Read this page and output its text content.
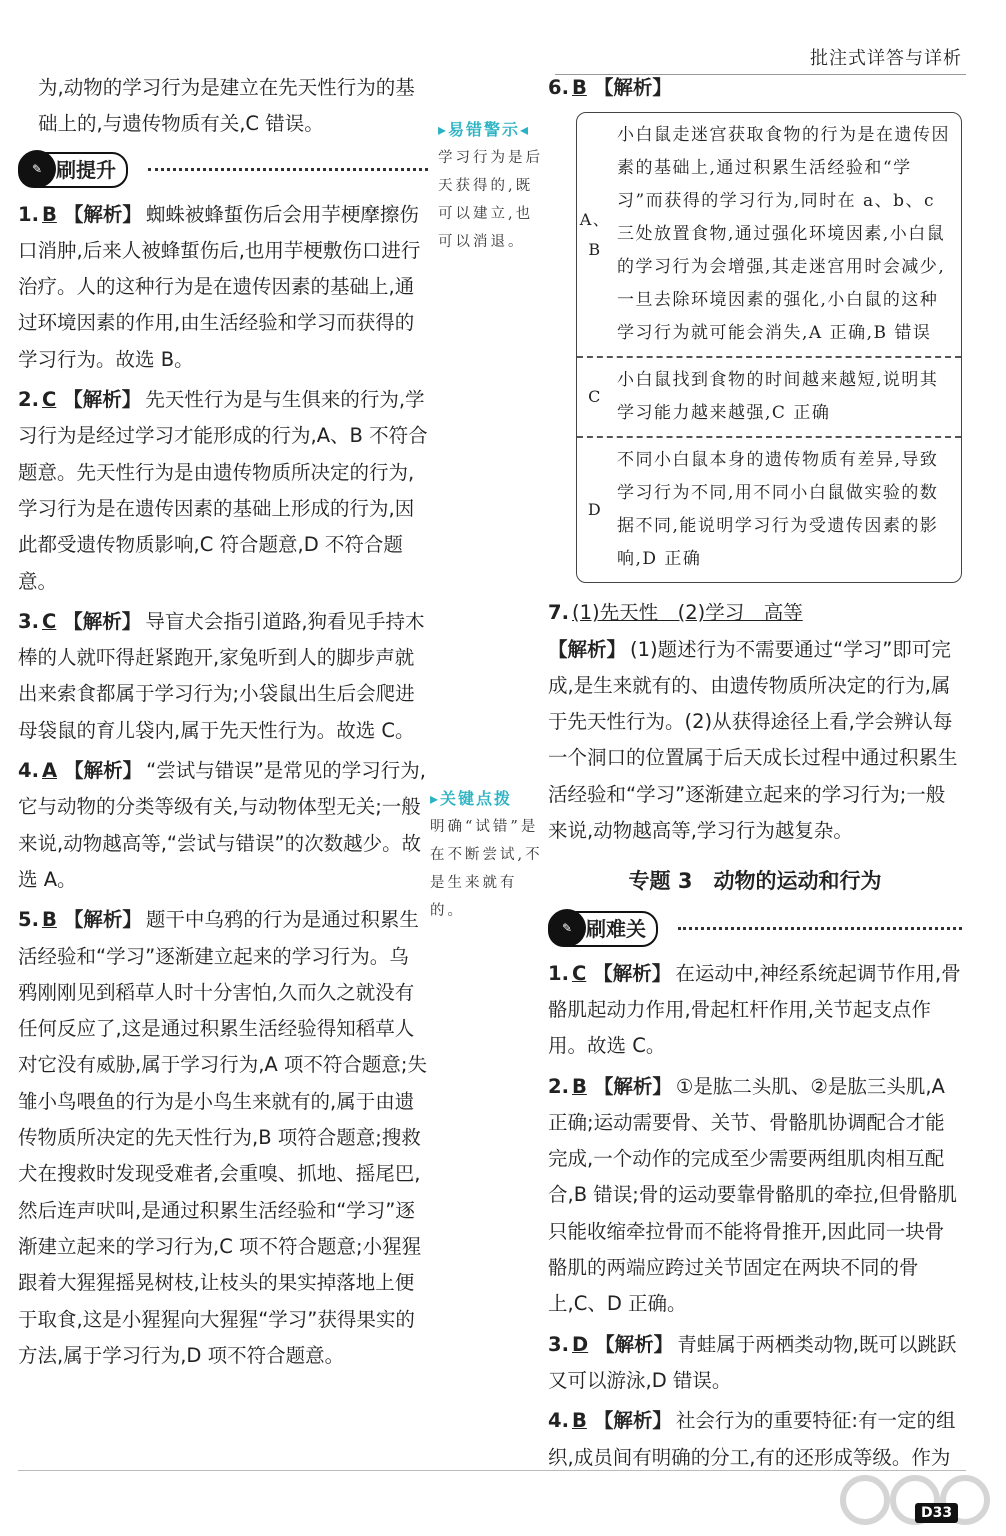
批注式详答与详析

为,动物的学习行为是建立在先天性行为的基础上的,与遗传物质有关,C 错误。

✎ 刷提升
1. B 【解析】 蜘蛛被蜂蜇伤后会用芋梗摩擦伤口消肿,后来人被蜂蜇伤后,也用芋梗敷伤口进行治疗。人的这种行为是在遗传因素的基础上,通过环境因素的作用,由生活经验和学习而获得的学习行为。故选 B。
2. C 【解析】 先天性行为是与生俱来的行为,学习行为是经过学习才能形成的行为,A、B 不符合题意。先天性行为是由遗传物质所决定的行为,学习行为是在遗传因素的基础上形成的行为,因此都受遗传物质影响,C 符合题意,D 不符合题意。
3. C 【解析】 导盲犬会指引道路,狗看见手持木棒的人就吓得赶紧跑开,家兔听到人的脚步声就出来索食都属于学习行为;小袋鼠出生后会爬进母袋鼠的育儿袋内,属于先天性行为。故选 C。
4. A 【解析】 “尝试与错误”是常见的学习行为,它与动物的分类等级有关,与动物体型无关;一般来说,动物越高等,“尝试与错误”的次数越少。故选 A。
5. B 【解析】 题干中乌鸦的行为是通过积累生活经验和“学习”逐渐建立起来的学习行为。乌鸦刚刚见到稻草人时十分害怕,久而久之就没有任何反应了,这是通过积累生活经验得知稻草人对它没有威胁,属于学习行为,A 项不符合题意;失雏小鸟喂鱼的行为是小鸟生来就有的,属于由遗传物质所决定的先天性行为,B 项符合题意;搜救犬在搜救时发现受难者,会重嗅、抓地、摇尾巴,然后连声吠叫,是通过积累生活经验和“学习”逐渐建立起来的学习行为,C 项不符合题意;小猩猩跟着大猩猩摇晃树枝,让枝头的果实掉落地上便于取食,这是小猩猩向大猩猩“学习”获得果实的方法,属于学习行为,D 项不符合题意。
▸易错警示◂
学习行为是后天获得的,既可以建立,也可以消退。
▸关键点拨
明确“试错”是在不断尝试,不是生来就有的。
6. B 【解析】
A、B
小白鼠走迷宫获取食物的行为是在遗传因素的基础上,通过积累生活经验和“学习”而获得的学习行为,同时在 a、b、c 三处放置食物,通过强化环境因素,小白鼠的学习行为会增强,其走迷宫用时会减少,一旦去除环境因素的强化,小白鼠的这种学习行为就可能会消失,A 正确,B 错误
C
小白鼠找到食物的时间越来越短,说明其学习能力越来越强,C 正确
D
不同小白鼠本身的遗传物质有差异,导致学习行为不同,用不同小白鼠做实验的数据不同,能说明学习行为受遗传因素的影响,D 正确
7. (1)先天性　(2)学习　高等
【解析】 (1)题述行为不需要通过“学习”即可完成,是生来就有的、由遗传物质所决定的行为,属于先天性行为。(2)从获得途径上看,学会辨认每一个洞口的位置属于后天成长过程中通过积累生活经验和“学习”逐渐建立起来的学习行为;一般来说,动物越高等,学习行为越复杂。
专题 3　动物的运动和行为
✎ 刷难关
1. C 【解析】 在运动中,神经系统起调节作用,骨骼肌起动力作用,骨起杠杆作用,关节起支点作用。故选 C。
2. B 【解析】 ①是肱二头肌、②是肱三头肌,A 正确;运动需要骨、关节、骨骼肌协调配合才能完成,一个动作的完成至少需要两组肌肉相互配合,B 错误;骨的运动要靠骨骼肌的牵拉,但骨骼肌只能收缩牵拉骨而不能将骨推开,因此同一块骨骼肌的两端应跨过关节固定在两块不同的骨上,C、D 正确。
3. D 【解析】 青蛙属于两栖类动物,既可以跳跃又可以游泳,D 错误。
4. B 【解析】 社会行为的重要特征:有一定的组织,成员间有明确的分工,有的还形成等级。作为
D33
